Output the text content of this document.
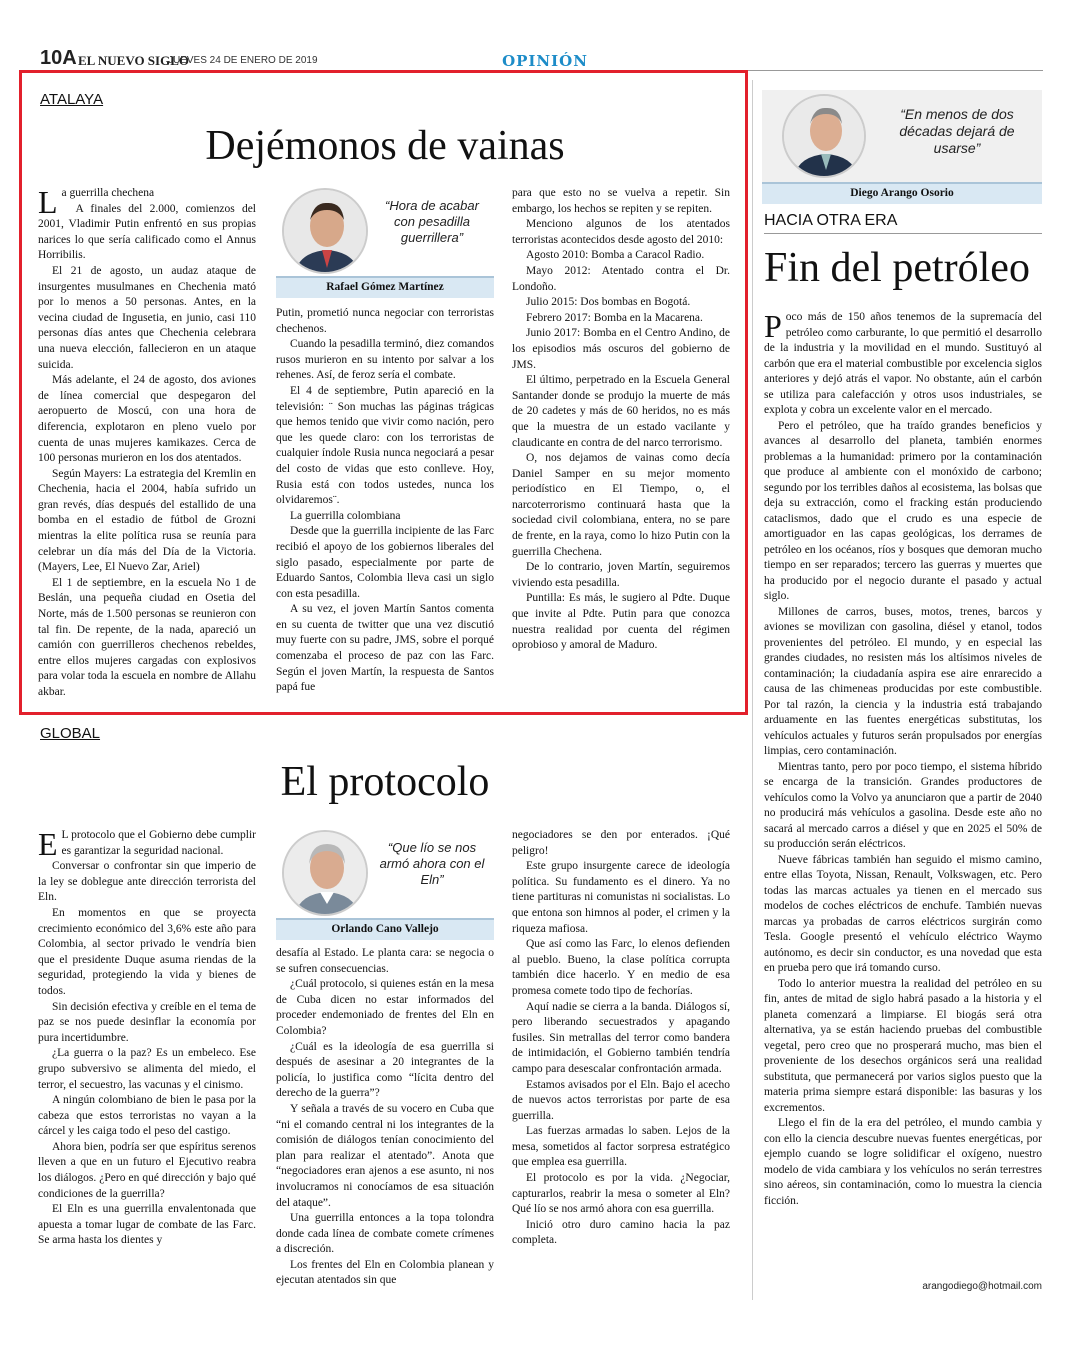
10A EL NUEVO SIGLO
JUEVES 24 DE ENERO DE 2019	OPINIÓN
ATALAYA
Dejémonos de vainas

La guerrilla chechena

A finales del 2.000, comienzos del 2001, Vladimir Putin enfrentó en sus propias narices lo que sería calificado como el Annus Horribilis.

El 21 de agosto, un audaz ataque de insurgentes musulmanes en Chechenia mató por lo menos a 50 personas. Antes, en la vecina ciudad de Ingusetia, en junio, casi 110 personas días antes que Chechenia celebrara una nueva elección, fallecieron en un ataque suicida.

Más adelante, el 24 de agosto, dos aviones de línea comercial que despegaron del aeropuerto de Moscú, con una hora de diferencia, explotaron en pleno vuelo por cuenta de unas mujeres kamikazes. Cerca de 100 personas murieron en los dos atentados.

Según Mayers: La estrategia del Kremlin en Chechenia, hacia el 2004, había sufrido un gran revés, días después del estallido de una bomba en el estadio de fútbol de Grozni mientras la elite política rusa se reunía para celebrar un día más del Día de la Victoria. (Mayers, Lee, El Nuevo Zar, Ariel)

El 1 de septiembre, en la escuela No 1 de Beslán, una pequeña ciudad en Osetia del Norte, más de 1.500 personas se reunieron con tal fin. De repente, de la nada, apareció un camión con guerrilleros chechenos rebeldes, entre ellos mujeres cargadas con explosivos para volar toda la escuela en nombre de Allahu akbar.

“Hora de acabar con pesadilla guerrillera”
Rafael Gómez Martínez

Putin, prometió nunca negociar con terroristas chechenos.

Cuando la pesadilla terminó, diez comandos rusos murieron en su intento por salvar a los rehenes. Así, de feroz sería el combate.

El 4 de septiembre, Putin apareció en la televisión: ¨ Son muchas las páginas trágicas que hemos tenido que vivir como nación, pero que les quede claro: con los terroristas de cualquier índole Rusia nunca negociará a pesar del costo de vidas que esto conlleve. Hoy, Rusia está con todos ustedes, nunca los olvidaremos¨.

La guerrilla colombiana

Desde que la guerrilla incipiente de las Farc recibió el apoyo de los gobiernos liberales del siglo pasado, especialmente por parte de Eduardo Santos, Colombia lleva casi un siglo con esta pesadilla.

A su vez, el joven Martín Santos comenta en su cuenta de twitter que una vez discutió muy fuerte con su padre, JMS, sobre el porqué comenzaba el proceso de paz con las Farc. Según el joven Martín, la respuesta de Santos papá fue

para que esto no se vuelva a repetir. Sin embargo, los hechos se repiten y se repiten.

Menciono algunos de los atentados terroristas acontecidos desde agosto del 2010:

Agosto 2010: Bomba a Caracol Radio.

Mayo 2012: Atentado contra el Dr. Londoño.

Julio 2015: Dos bombas en Bogotá.

Febrero 2017: Bomba en la Macarena.

Junio 2017: Bomba en el Centro Andino, de los episodios más oscuros del gobierno de JMS.

El último, perpetrado en la Escuela General Santander donde se produjo la muerte de más de 20 cadetes y más de 60 heridos, no es más que la muestra de un estado vacilante y claudicante en contra de del narco terrorismo.

O, nos dejamos de vainas como decía Daniel Samper en su mejor momento periodístico en El Tiempo, o, el narcoterrorismo continuará hasta que la sociedad civil colombiana, entera, no se pare de frente, en la raya, como lo hizo Putin con la guerrilla Chechena.

De lo contrario, joven Martín, seguiremos viviendo esta pesadilla.

Puntilla: Es más, le sugiero al Pdte. Duque que invite al Pdte. Putin para que conozca nuestra realidad por cuenta del régimen oprobioso y amoral de Maduro.

GLOBAL
El protocolo

E L protocolo que el Gobierno debe cumplir es garantizar la seguridad nacional.

Conversar o confrontar sin que imperio de la ley se doblegue ante dirección terrorista del Eln.

En momentos en que se proyecta crecimiento económico del 3,6% este año para Colombia, al sector privado le vendría bien que el presidente Duque asuma riendas de la seguridad, protegiendo la vida y bienes de todos.

Sin decisión efectiva y creíble en el tema de paz se nos puede desinflar la economía por pura incertidumbre.

¿La guerra o la paz? Es un embeleco. Ese grupo subversivo se alimenta del miedo, el terror, el secuestro, las vacunas y el cinismo.

A ningún colombiano de bien le pasa por la cabeza que estos terroristas no vayan a la cárcel y les caiga todo el peso del castigo.

Ahora bien, podría ser que espíritus serenos lleven a que en un futuro el Ejecutivo reabra los diálogos. ¿Pero en qué dirección y bajo qué condiciones de la guerrilla?

El Eln es una guerrilla envalentonada que apuesta a tomar lugar de combate de las Farc. Se arma hasta los dientes y

“Que lío se nos armó ahora con el Eln”
Orlando Cano Vallejo

desafía al Estado. Le planta cara: se negocia o se sufren consecuencias.

¿Cuál protocolo, si quienes están en la mesa de Cuba dicen no estar informados del proceder endemoniado de frentes del Eln en Colombia?

¿Cuál es la ideología de esa guerrilla si después de asesinar a 20 integrantes de la policía, lo justifica como “lícita dentro del derecho de la guerra”?

Y señala a través de su vocero en Cuba que “ni el comando central ni los integrantes de la comisión de diálogos tenían conocimiento del plan para realizar el atentado”. Anota que “negociadores eran ajenos a ese asunto, ni nos involucramos ni conocíamos de esa situación del ataque”.

Una guerrilla entonces a la topa tolondra donde cada línea de combate comete crímenes a discreción.

Los frentes del Eln en Colombia planean y ejecutan atentados sin que

negociadores se den por enterados. ¡Qué peligro!

Este grupo insurgente carece de ideología política. Su fundamento es el dinero. Ya no tiene partituras ni comunistas ni socialistas. Lo que entona son himnos al poder, el crimen y la riqueza mafiosa.

Que así como las Farc, lo elenos defienden al pueblo. Bueno, la clase política corrupta también dice hacerlo. Y en medio de esa promesa comete todo tipo de fechorías.

Aquí nadie se cierra a la banda. Diálogos sí, pero liberando secuestrados y apagando fusiles. Sin metrallas del terror como bandera de intimidación, el Gobierno también tendría campo para desescalar confrontación armada.

Estamos avisados por el Eln. Bajo el acecho de nuevos actos terroristas por parte de esa guerrilla.

Las fuerzas armadas lo saben. Lejos de la mesa, sometidos al factor sorpresa estratégico que emplea esa guerrilla.

El protocolo es por la vida. ¿Negociar, capturarlos, reabrir la mesa o someter al Eln? Qué lío se nos armó ahora con esa guerrilla.

Inició otro duro camino hacia la paz completa.

“En menos de dos décadas dejará de usarse”
Diego Arango Osorio
HACIA OTRA ERA
Fin del petróleo

Poco más de 150 años tenemos de la supremacía del petróleo como carburante, lo que permitió el desarrollo de la industria y la movilidad en el mundo. Sustituyó al carbón que era el material combustible por excelencia siglos anteriores y dejó atrás el vapor. No obstante, aún el carbón se utiliza para calefacción y otros usos industriales, se explota y cobra un excelente valor en el mercado.

Pero el petróleo, que ha traído grandes beneficios y avances al desarrollo del planeta, también enormes problemas a la humanidad: primero por la contaminación que produce al ambiente con el monóxido de carbono; segundo por los terribles daños al ecosistema, las bolsas que deja su extracción, como el fracking están produciendo cataclismos, dado que el crudo es una especie de amortiguador en las capas geológicas, los derrames de petróleo en los océanos, ríos y bosques que demoran mucho tiempo en ser reparados; tercero las guerras y muertes que ha producido por el negocio durante el pasado y actual siglo.

Millones de carros, buses, motos, trenes, barcos y aviones se movilizan con gasolina, diésel y etanol, todos provenientes del petróleo. El mundo, y en especial las grandes ciudades, no resisten más los altísimos niveles de contaminación; la ciudadanía aspira ese aire enrarecido a causa de las chimeneas producidas por este combustible. Por tal razón, la ciencia y la industria está trabajando arduamente en las fuentes energéticas substitutas, los vehículos actuales y futuros serán propulsados por energías limpias, cero contaminación.

Mientras tanto, pero por poco tiempo, el sistema híbrido se encarga de la transición. Grandes productores de vehículos como la Volvo ya anunciaron que a partir de 2040 no producirá más vehículos a gasolina. Desde este año no sacará al mercado carros a diésel y que en 2025 el 50% de su producción serán eléctricos.

Nueve fábricas también han seguido el mismo camino, entre ellas Toyota, Nissan, Renault, Volkswagen, etc. Pero todas las marcas actuales ya tienen en el mercado sus modelos de coches eléctricos de enchufe. También nuevas marcas ya probadas de carros eléctricos surgirán como Tesla. Google presentó el vehículo eléctrico Waymo autónomo, es decir sin conductor, es una novedad que esta en prueba pero que irá tomando curso.

Todo lo anterior muestra la realidad del petróleo en su fin, antes de mitad de siglo habrá pasado a la historia y el planeta comenzará a limpiarse. El biogás será otra alternativa, ya se están haciendo pruebas del combustible vegetal, pero creo que no prosperará mucho, mas bien el proveniente de los desechos orgánicos será una realidad substituta, que permanecerá por varios siglos puesto que la materia prima siempre estará disponible: las basuras y los excrementos.

Llego el fin de la era del petróleo, el mundo cambia y con ello la ciencia descubre nuevas fuentes energéticas, por ejemplo cuando se logre solidificar el oxígeno, nuestro modelo de vida cambiara y los vehículos no serán terrestres sino aéreos, sin contaminación, como lo muestra la ciencia ficción.

arangodiego@hotmail.com
